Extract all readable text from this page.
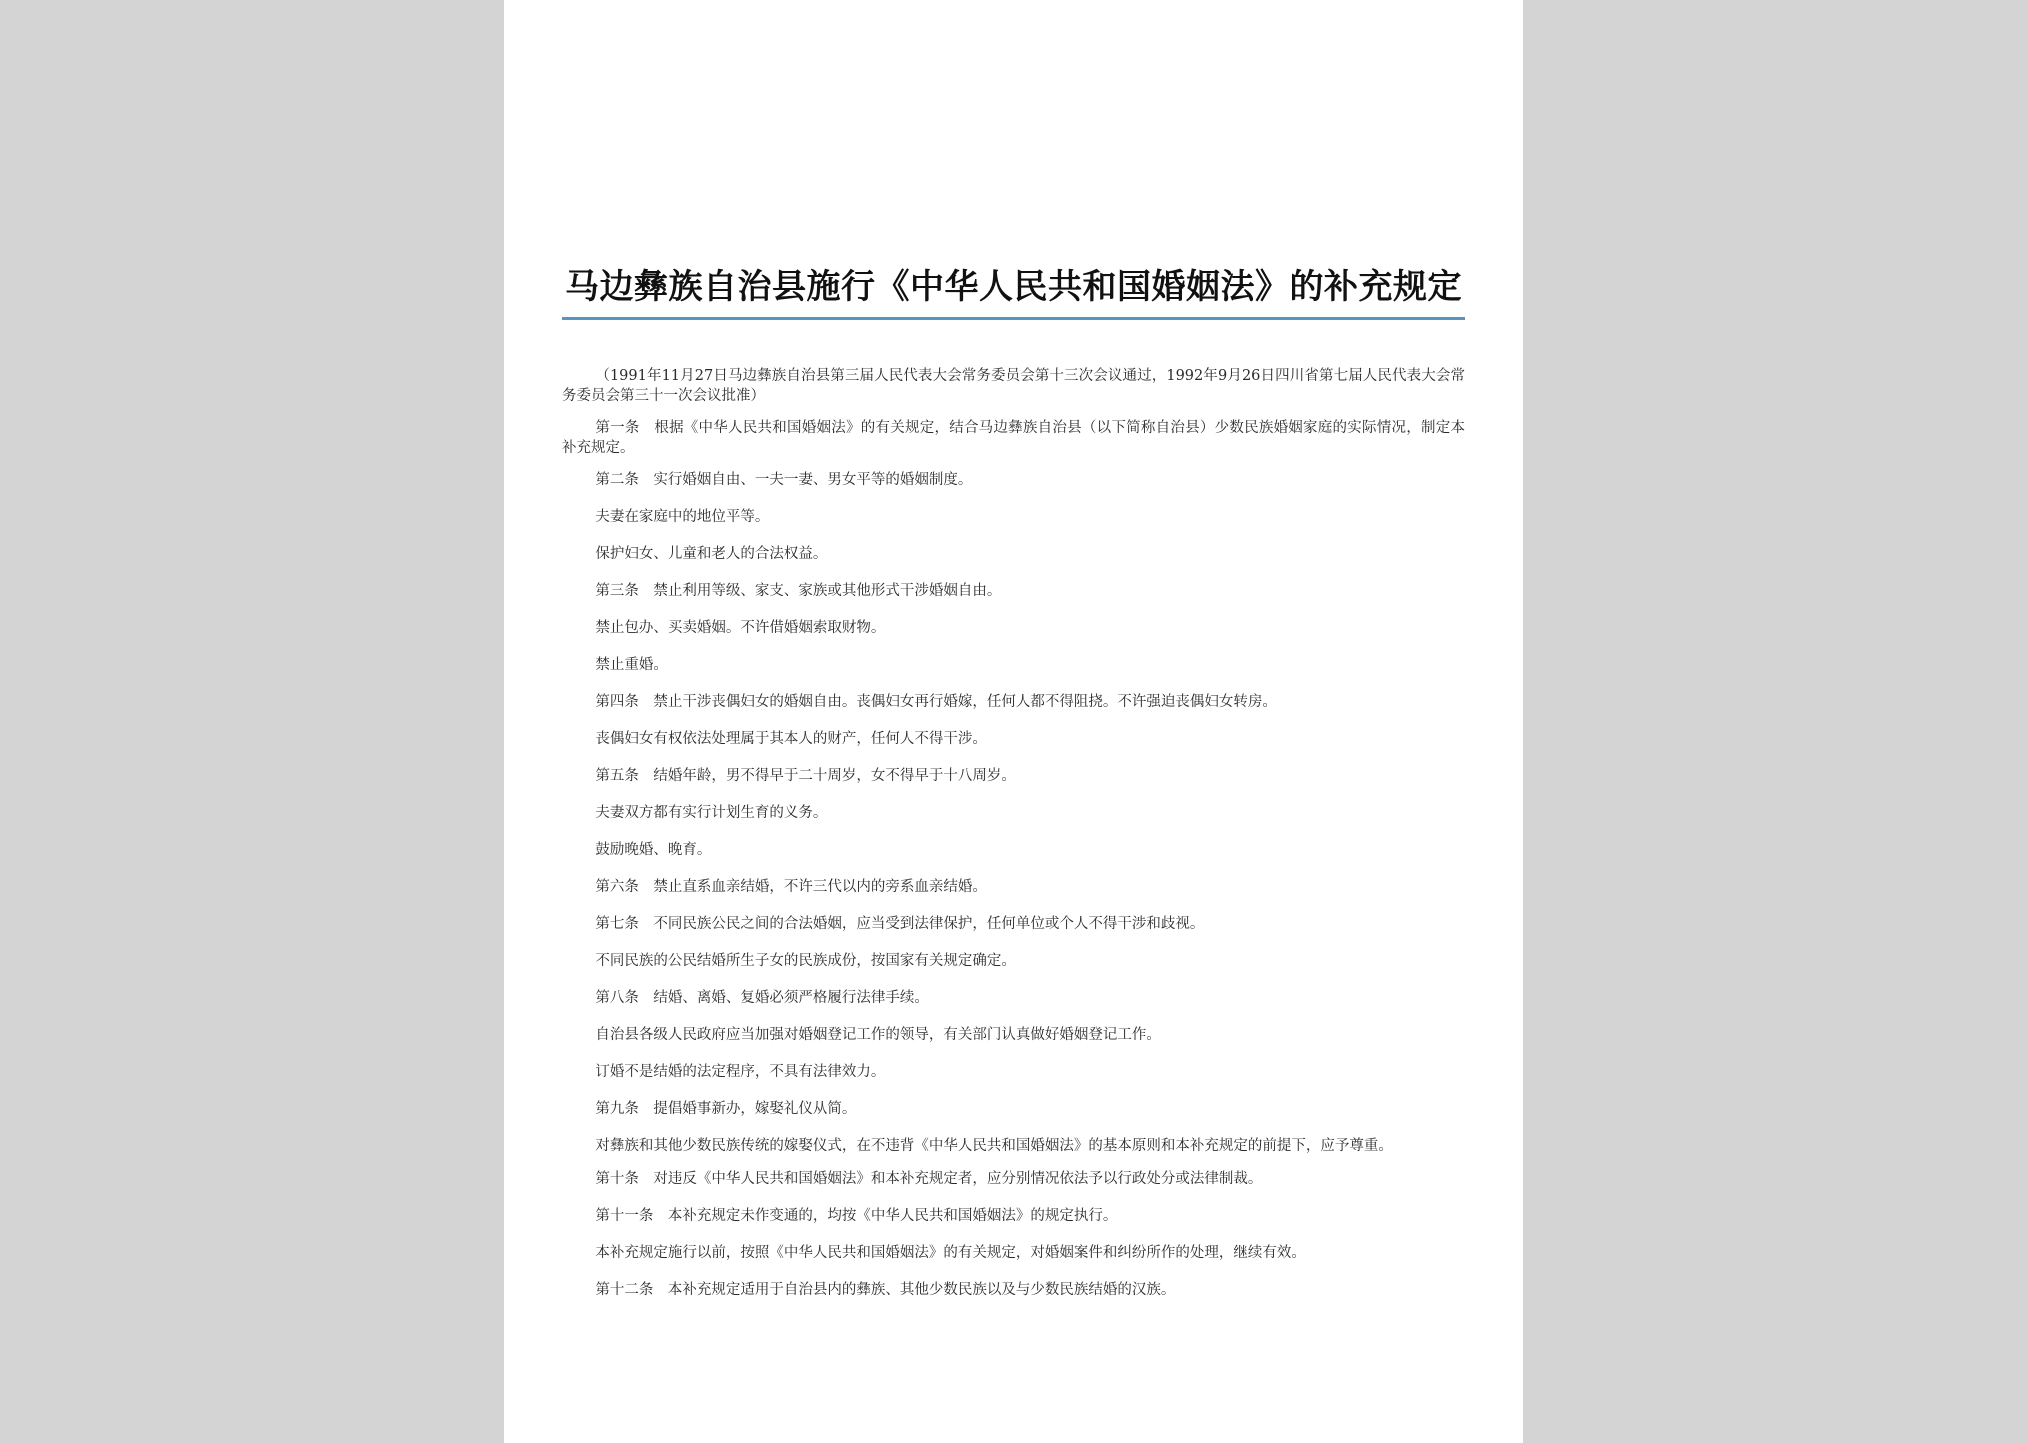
马边彝族自治县施行《中华人民共和国婚姻法》的补充规定

（1991年11月27日马边彝族自治县第三届人民代表大会常务委员会第十三次会议通过，1992年9月26日四川省第七届人民代表大会常务委员会第三十一次会议批准）

第一条　根据《中华人民共和国婚姻法》的有关规定，结合马边彝族自治县（以下简称自治县）少数民族婚姻家庭的实际情况，制定本补充规定。

第二条　实行婚姻自由、一夫一妻、男女平等的婚姻制度。

夫妻在家庭中的地位平等。

保护妇女、儿童和老人的合法权益。

第三条　禁止利用等级、家支、家族或其他形式干涉婚姻自由。

禁止包办、买卖婚姻。不许借婚姻索取财物。

禁止重婚。

第四条　禁止干涉丧偶妇女的婚姻自由。丧偶妇女再行婚嫁，任何人都不得阻挠。不许强迫丧偶妇女转房。

丧偶妇女有权依法处理属于其本人的财产，任何人不得干涉。

第五条　结婚年龄，男不得早于二十周岁，女不得早于十八周岁。

夫妻双方都有实行计划生育的义务。

鼓励晚婚、晚育。

第六条　禁止直系血亲结婚，不许三代以内的旁系血亲结婚。

第七条　不同民族公民之间的合法婚姻，应当受到法律保护，任何单位或个人不得干涉和歧视。

不同民族的公民结婚所生子女的民族成份，按国家有关规定确定。

第八条　结婚、离婚、复婚必须严格履行法律手续。

自治县各级人民政府应当加强对婚姻登记工作的领导，有关部门认真做好婚姻登记工作。

订婚不是结婚的法定程序，不具有法律效力。

第九条　提倡婚事新办，嫁娶礼仪从简。

对彝族和其他少数民族传统的嫁娶仪式，在不违背《中华人民共和国婚姻法》的基本原则和本补充规定的前提下，应予尊重。

第十条　对违反《中华人民共和国婚姻法》和本补充规定者，应分别情况依法予以行政处分或法律制裁。

第十一条　本补充规定未作变通的，均按《中华人民共和国婚姻法》的规定执行。

本补充规定施行以前，按照《中华人民共和国婚姻法》的有关规定，对婚姻案件和纠纷所作的处理，继续有效。

第十二条　本补充规定适用于自治县内的彝族、其他少数民族以及与少数民族结婚的汉族。
